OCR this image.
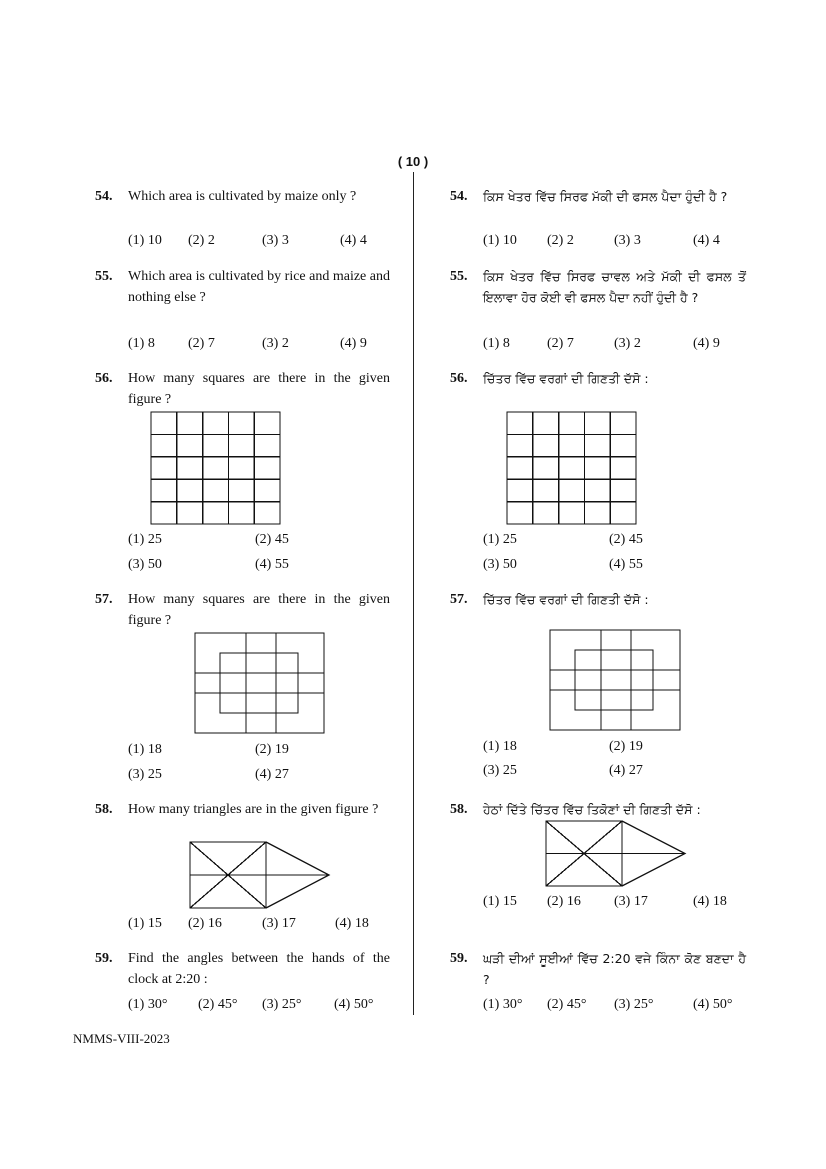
( 10 )
54. Which area is cultivated by maize only ?
(1) 10 (2) 2	(3) 3	(4) 4
55. Which area is cultivated by rice and maize and nothing else ?
(1) 8 (2) 7	(3) 2	(4) 9
56. How many squares are there in the given figure ?
(1) 25	(2) 45
(3) 50	(4) 55
57. How many squares are there in the given figure ?
(1) 18	(2) 19
(3) 25	(4) 27
58. How many triangles are in the given figure ?
(1) 15 (2) 16	(3) 17	(4) 18
59. Find the angles between the hands of the clock at 2:20 :
(1) 30° (2) 45° (3) 25° (4) 50°
54. ਕਿਸ ਖੇਤਰ ਵਿੱਚ ਸਿਰਫ ਮੱਕੀ ਦੀ ਫਸਲ ਪੈਦਾ ਹੁੰਦੀ ਹੈ ?
(1) 10 (2) 2	(3) 3	(4) 4
55. ਕਿਸ ਖੇਤਰ ਵਿੱਚ ਸਿਰਫ ਚਾਵਲ ਅਤੇ ਮੱਕੀ ਦੀ ਫਸਲ ਤੋਂ ਇਲਾਵਾ ਹੋਰ ਕੋਈ ਵੀ ਫਸਲ ਪੈਦਾ ਨਹੀਂ ਹੁੰਦੀ ਹੈ ?
(1) 8	(2) 7	(3) 2	(4) 9
56. ਚਿੱਤਰ ਵਿੱਚ ਵਰਗਾਂ ਦੀ ਗਿਣਤੀ ਦੱਸੋ :
(1) 25	(2) 45
(3) 50	(4) 55
57. ਚਿੱਤਰ ਵਿੱਚ ਵਰਗਾਂ ਦੀ ਗਿਣਤੀ ਦੱਸੋ :
(1) 18	(2) 19
(3) 25	(4) 27
58. ਹੇਠਾਂ ਦਿੱਤੇ ਚਿੱਤਰ ਵਿੱਚ ਤਿਕੋਣਾਂ ਦੀ ਗਿਣਤੀ ਦੱਸੋ :
(1) 15 (2) 16 (3) 17	(4) 18
59. ਘੜੀ ਦੀਆਂ ਸੂਈਆਂ ਵਿੱਚ 2:20 ਵਜੇ ਕਿੰਨਾ ਕੋਣ ਬਣਦਾ ਹੈ ?
(1) 30° (2) 45° (3) 25°	(4) 50°
NMMS-VIII-2023
